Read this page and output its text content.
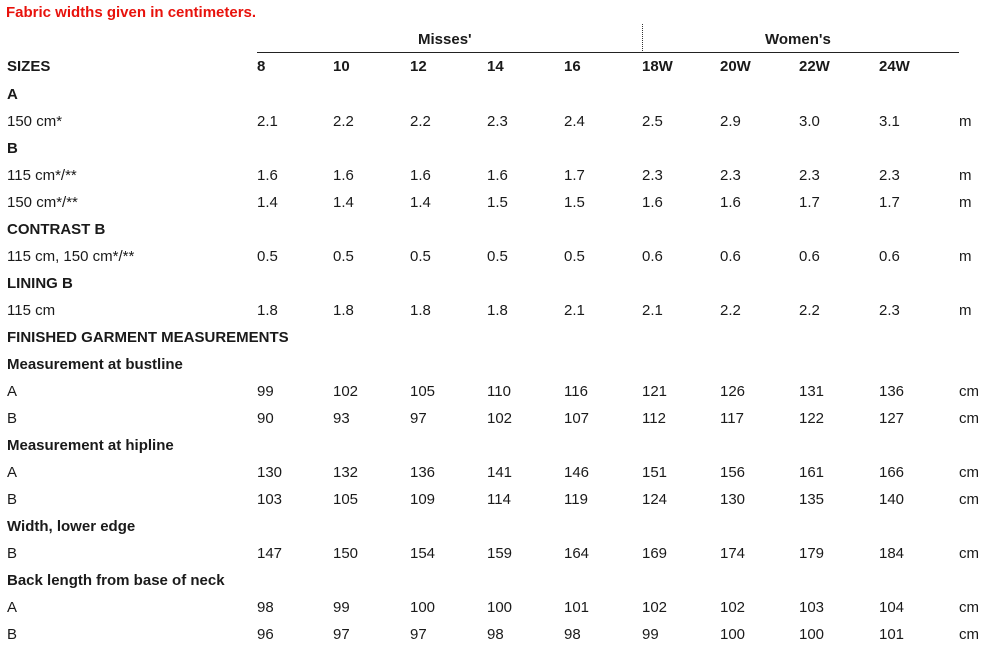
Fabric widths given in centimeters.
Misses'	Women's
SIZES	8	10	12	14	16	18W	20W	22W	24W
A
150 cm*	2.1	2.2	2.2	2.3	2.4	2.5	2.9	3.0	3.1	m
B
115 cm*/**	1.6	1.6	1.6	1.6	1.7	2.3	2.3	2.3	2.3	m
150 cm*/**	1.4	1.4	1.4	1.5	1.5	1.6	1.6	1.7	1.7	m
CONTRAST B
115 cm, 150 cm*/**	0.5	0.5	0.5	0.5	0.5	0.6	0.6	0.6	0.6	m
LINING B
115 cm	1.8	1.8	1.8	1.8	2.1	2.1	2.2	2.2	2.3	m
FINISHED GARMENT MEASUREMENTS
Measurement at bustline
A	99	102	105	110	116	121	126	131	136	cm
B	90	93	97	102	107	112	117	122	127	cm
Measurement at hipline
A	130	132	136	141	146	151	156	161	166	cm
B	103	105	109	114	119	124	130	135	140	cm
Width, lower edge
B	147	150	154	159	164	169	174	179	184	cm
Back length from base of neck
A	98	99	100	100	101	102	102	103	104	cm
B	96	97	97	98	98	99	100	100	101	cm
